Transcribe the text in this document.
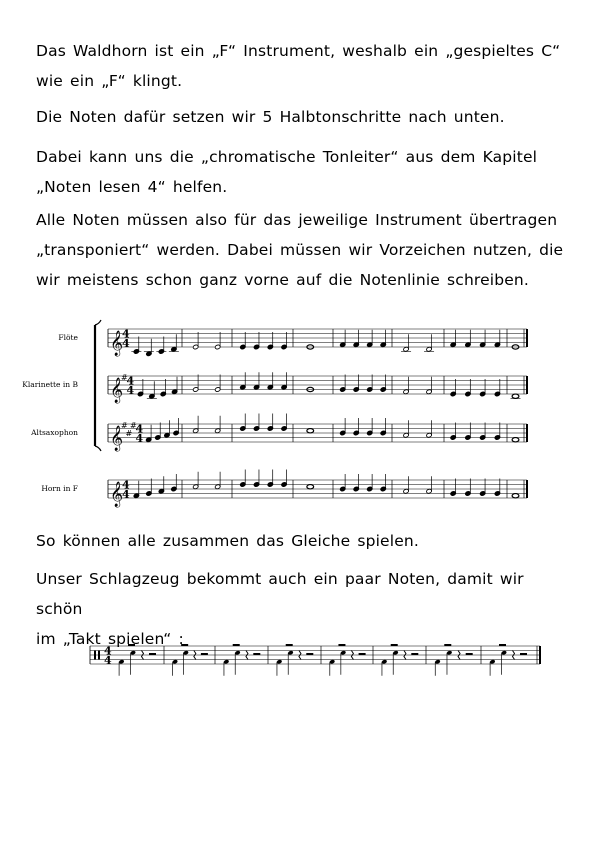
Das Waldhorn ist ein „F“ Instrument, weshalb ein „gespieltes C“
wie ein „F“ klingt.

Die Noten dafür setzen wir 5 Halbtonschritte nach unten.

Dabei kann uns die „chromatische Tonleiter“ aus dem Kapitel
„Noten lesen 4“ helfen.

Alle Noten müssen also für das jeweilige Instrument übertragen
„transponiert“ werden. Dabei müssen wir Vorzeichen nutzen, die
wir meistens schon ganz vorne auf die Notenlinie schreiben.

𝄞
4
4
Flöte
𝄞
#
4
4
Klarinette in B
𝄞
#
#
#
4
4
Altsaxophon
𝄞
4
4
Horn in F
4
4

So können alle zusammen das Gleiche spielen.

Unser Schlagzeug bekommt auch ein paar Noten, damit wir schön
im „Takt spielen“ :
